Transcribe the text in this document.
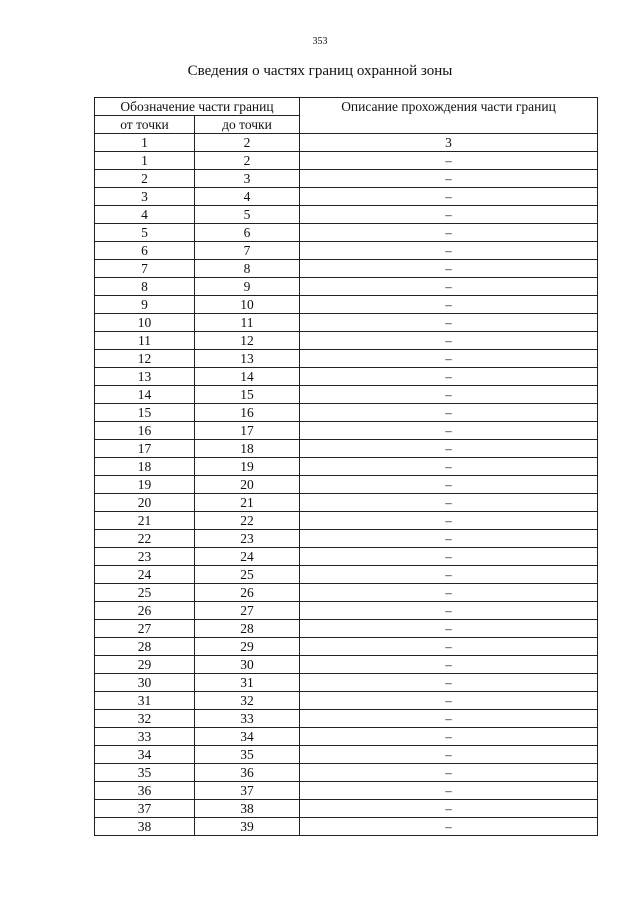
353
Сведения о частях границ охранной зоны
Обозначение части границ		Описание прохождения части границ
от точки	до точки	
1	2	3
1	2	–
2	3	–
3	4	–
4	5	–
5	6	–
6	7	–
7	8	–
8	9	–
9	10	–
10	11	–
11	12	–
12	13	–
13	14	–
14	15	–
15	16	–
16	17	–
17	18	–
18	19	–
19	20	–
20	21	–
21	22	–
22	23	–
23	24	–
24	25	–
25	26	–
26	27	–
27	28	–
28	29	–
29	30	–
30	31	–
31	32	–
32	33	–
33	34	–
34	35	–
35	36	–
36	37	–
37	38	–
38	39	–
